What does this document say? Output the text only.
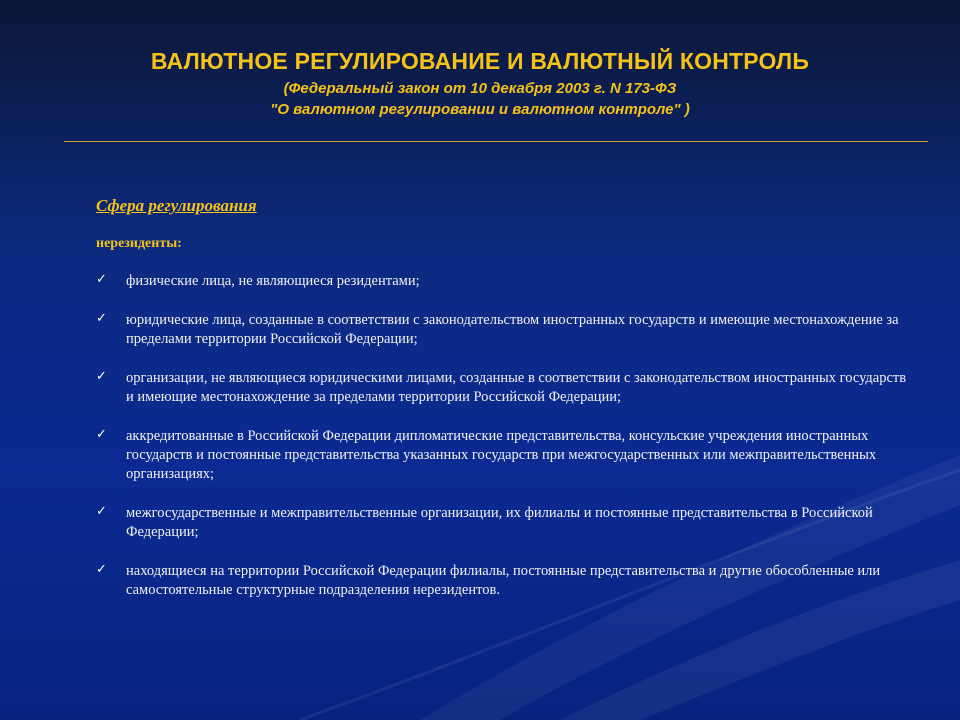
ВАЛЮТНОЕ РЕГУЛИРОВАНИЕ И ВАЛЮТНЫЙ КОНТРОЛЬ
(Федеральный закон от 10 декабря 2003 г. N 173-ФЗ
"О валютном регулировании и валютном контроле" )
Сфера регулирования
нерезиденты:
✓ физические лица, не являющиеся резидентами;
✓ юридические лица, созданные в соответствии с законодательством иностранных государств и имеющие местонахождение за пределами территории Российской Федерации;
✓ организации, не являющиеся юридическими лицами, созданные в соответствии с законодательством иностранных государств и имеющие местонахождение за пределами территории Российской Федерации;
✓ аккредитованные в Российской Федерации дипломатические представительства, консульские учреждения иностранных государств и постоянные представительства указанных государств при межгосударственных или межправительственных организациях;
✓ межгосударственные и межправительственные организации, их филиалы и постоянные представительства в Российской Федерации;
✓ находящиеся на территории Российской Федерации филиалы, постоянные представительства и другие обособленные или самостоятельные структурные подразделения нерезидентов.
